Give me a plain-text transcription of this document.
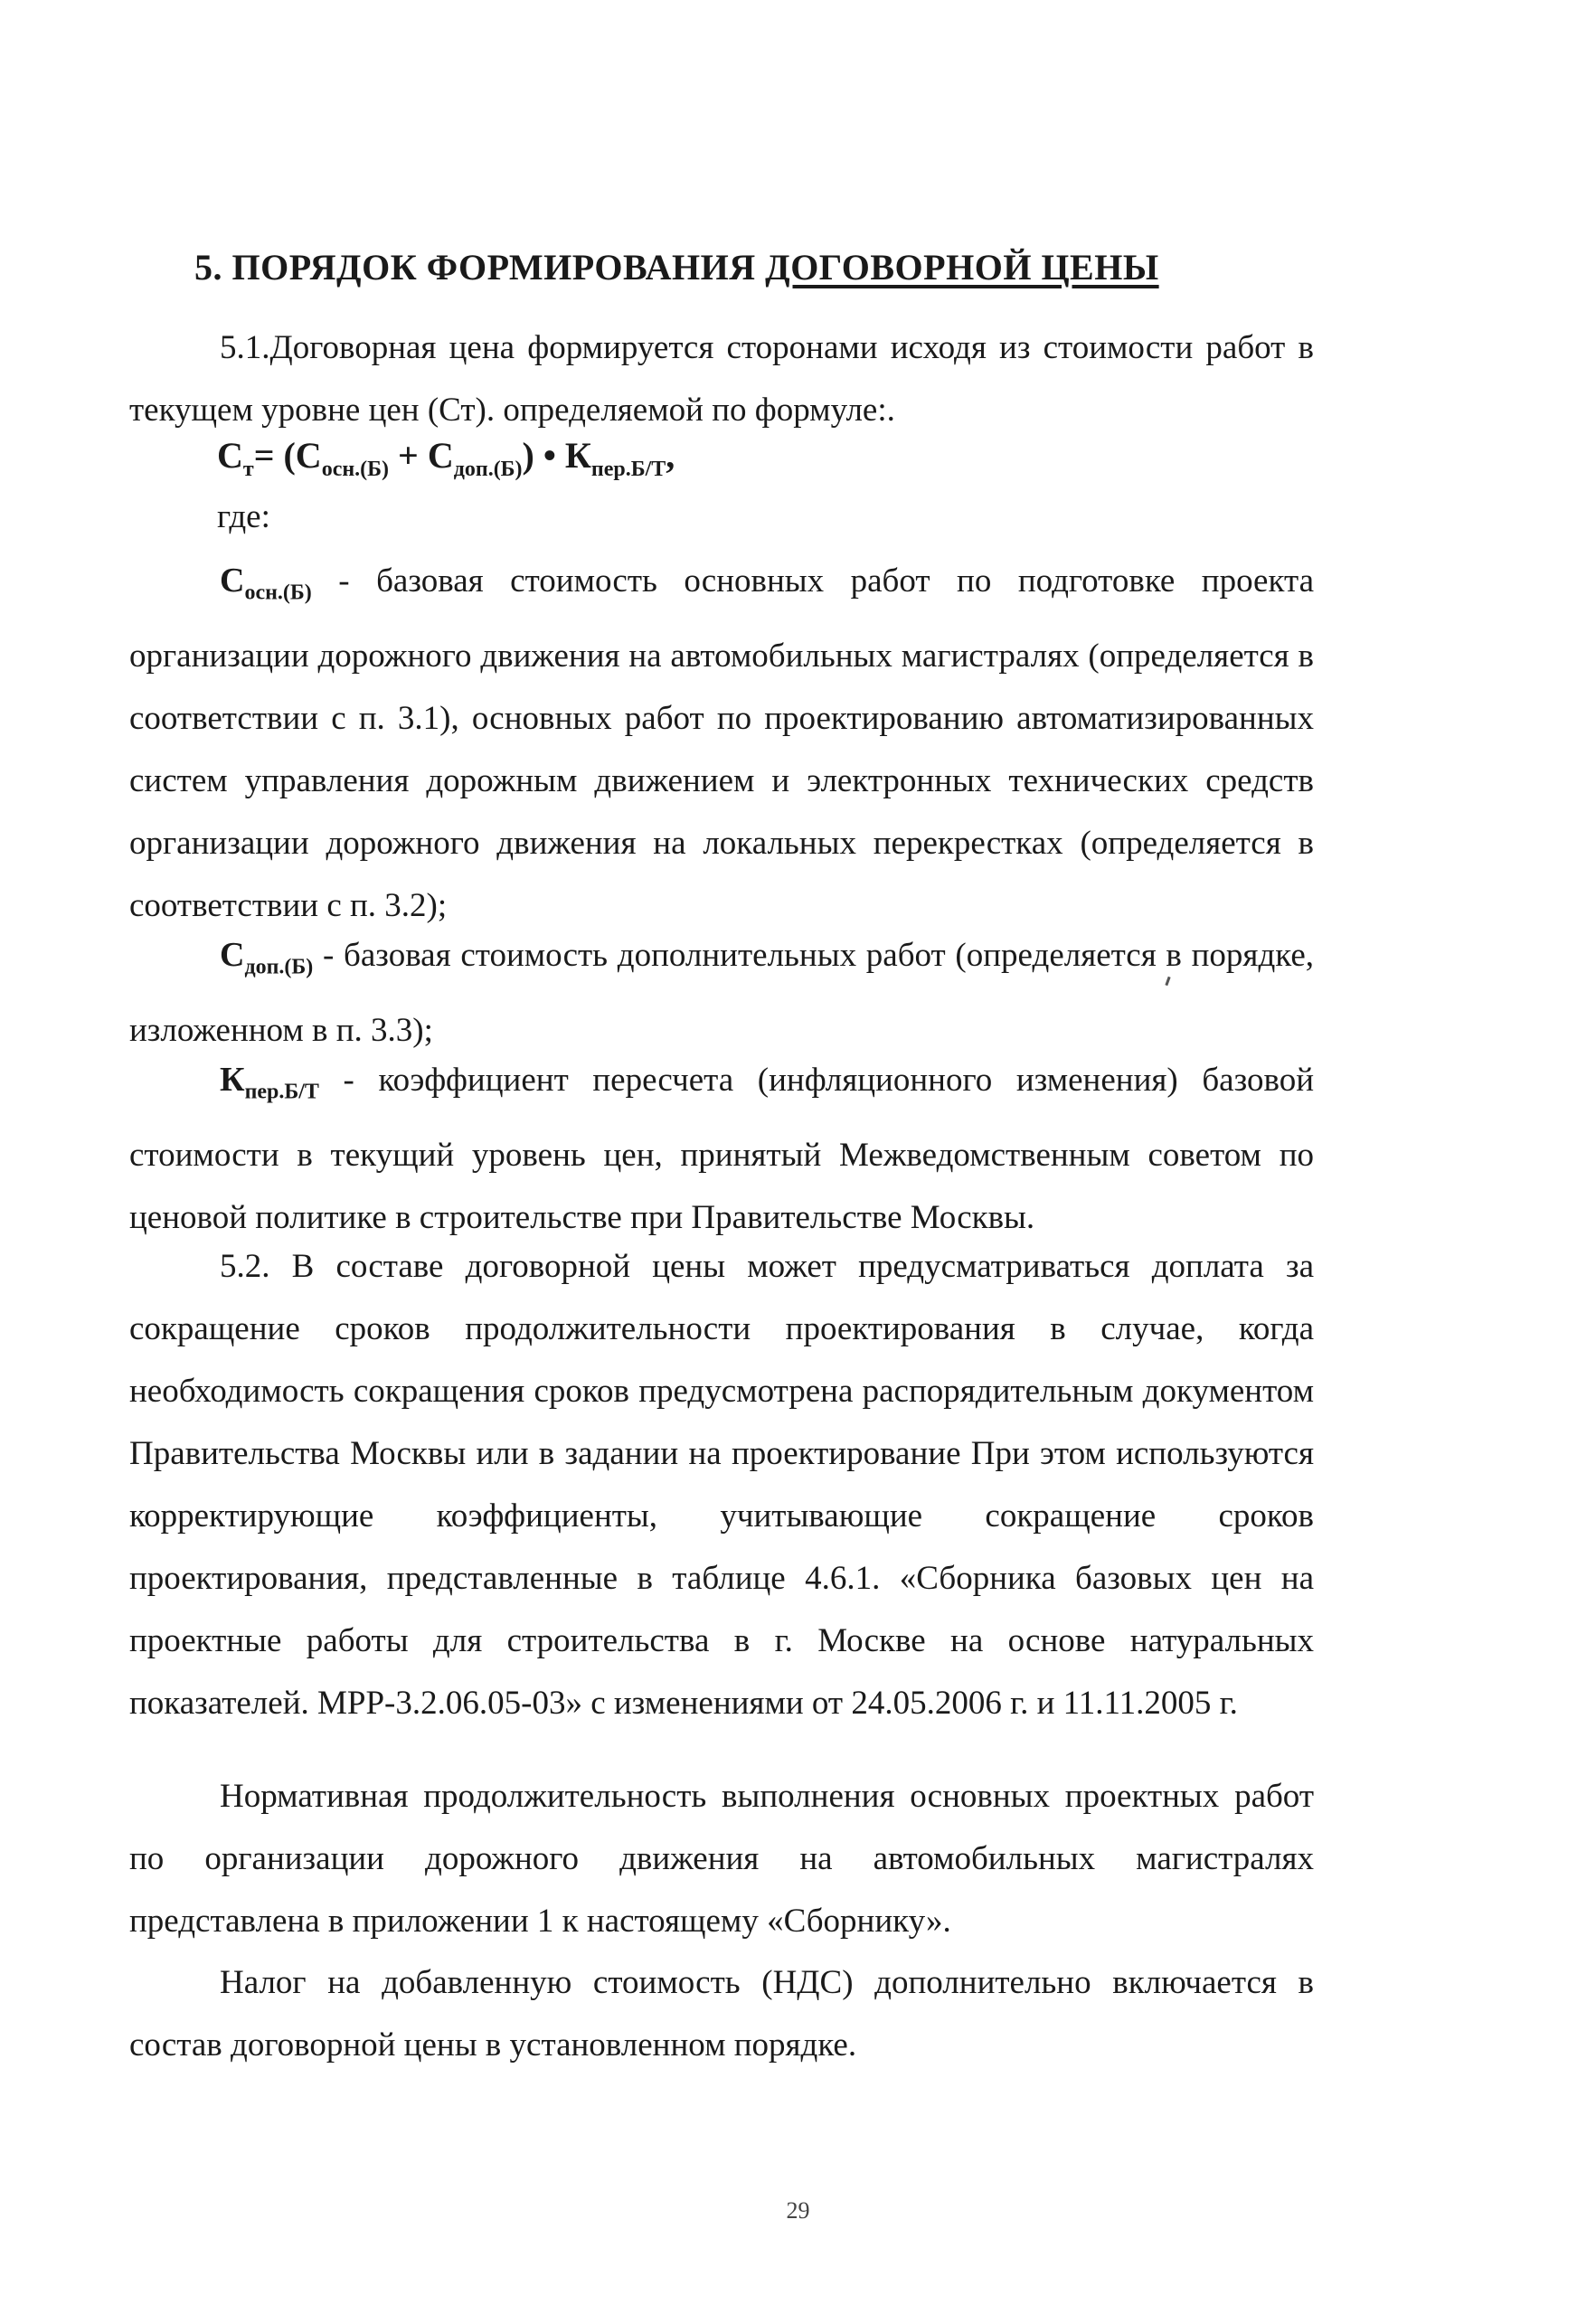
5. ПОРЯДОК ФОРМИРОВАНИЯ ДОГОВОРНОЙ ЦЕНЫ
5.1.Договорная цена формируется сторонами исходя из стоимости работ в текущем уровне цен (Ст). определяемой по формуле:.
$С_т= (С_{осн.(Б)} + С_{доп.(Б)})$ • $К_{пер.Б/Т}$,
где:
$С_{осн.(Б)}$ - базовая стоимость основных работ по подготовке проекта организации дорожного движения на автомобильных магистралях (определяется в соответствии с п. 3.1), основных работ по проектированию автоматизированных систем управления дорожным движением и электронных технических средств организации дорожного движения на локальных перекрестках (определяется в соответствии с п. 3.2);
$С_{доп.(Б)}$ - базовая стоимость дополнительных работ (определяется в порядке, изложенном в п. 3.3);
$К_{пер.Б/Т}$ - коэффициент пересчета (инфляционного изменения) базовой стоимости в текущий уровень цен, принятый Межведомственным советом по ценовой политике в строительстве при Правительстве Москвы.
5.2. В составе договорной цены может предусматриваться доплата за сокращение сроков продолжительности проектирования в случае, когда необходимость сокращения сроков предусмотрена распорядительным документом Правительства Москвы или в задании на проектирование При этом используются корректирующие коэффициенты, учитывающие сокращение сроков проектирования, представленные в таблице 4.6.1. «Сборника базовых цен на проектные работы для строительства в г. Москве на основе натуральных показателей. МРР-3.2.06.05-03» с изменениями от 24.05.2006 г. и 11.11.2005 г.
Нормативная продолжительность выполнения основных проектных работ по организации дорожного движения на автомобильных магистралях представлена в приложении 1 к настоящему «Сборнику».
Налог на добавленную стоимость (НДС) дополнительно включается в состав договорной цены в установленном порядке.
29
